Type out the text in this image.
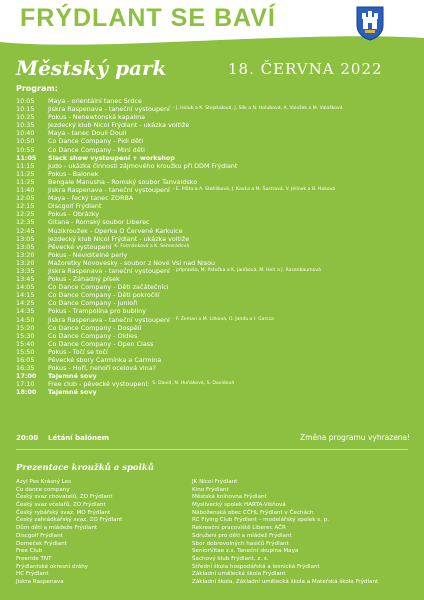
FRÝDLANT SE BAVÍ
Městský park	18. ČERVNA 2022
Program:
10:05	Maya - orientální tanec Srdce
10:15	Jiskra Raspenava - taneční vystoupení - J. Holub a K. Stejskalová, J. Slik a N. Holubová, A. Valošek a M. Valošková
10:25	Pokus - Nenewtonská kapalina
10:35	Jezdecký klub Nicol Frýdlant - ukázka voltiže
10:40	Maya - tanec Douli Douli
10:50	Co Dance Company - Pidi děti
10:55	Co Dance Company - Mini děti
11:05	Slack show vystoupení + workshop
11:15	Judo - ukázka činnosti zájmového kroužku při DDM Frýdlant
11:25	Pokus - Balonek
11:25	Bengale Manusha - Romský soubor Tanvaldsko
11:40	Jiskra Raspenava - taneční vystoupení - E. Plůta a A. Stehlíková, J. Kavka a M. Šustrová, V. Jelínek a B. Hoková
12:05	Maya - řecký tanec ZORBA
12:15	Discgolf Frýdlant
12:25	Pokus - Obrázky
12:35	Gitana - Romský soubor Liberec
12:45	Muzikroužek - Operka O Červené Karkulce
13:05	Jezdecký klub Nicol Frýdlant - ukázka voltiže
13:05	Pěvecké vystoupení K. Formánková a K. Semerádová
13:20	Pokus - Neviditelné perly
13:20	Mažoretky Novovesky - soubor z Nové Vsi nad Nisou
13:35	Jiskra Raspenava - taneční vystoupení - přípravka, M. Patočka a K. Janíková, M. Holr a J. Rosenbaumová
13:45	Pokus - Záhadný písek
14:05	Co Dance Company - Děti začátečníci
14:15	Co Dance Company - Děti pokročilí
14:25	Co Dance Company - Junioři
14:35	Pokus - Trampolína pro bubliny
14:50	Jiskra Raspenava - taneční vystoupení - F. Zeman a M. Litková, O. Janda a I. Garcza
15:20	Co Dance Company - Dospělí
15:30	Co Dance Company - Oldies
15:40	Co Dance Company - Open Class
15:50	Pokus - Točí se točí
16:05	Pěvecké sbory Carmínka a Carmina
16:35	Pokus - Hoří, nehoří ocelová vlna?
17:00	Tajemné sovy
17:10	Free club - pěvecké vystoupení: S. David, N. Huňáková, S. Davidová
18:00	Tajemné sovy
20:00	Létání balónem	Změna programu vyhrazena!
Prezentace kroužků a spolků
Azyl Pes Krásný Les
Co dance company
Český svaz chovatelů, ZO Frýdlant
Český svaz včelařů, ZO Frýdlant
Český rybářský svaz, MO Frýdlant
Český zahrádkářský svaz, ZO Frýdlant
Dům dětí a mládeže Frýdlant
Discgolf Frýdlant
Domeček Frýdlant
Free Club
Freeride TNT
Frýdlantské okresní dráhy
HC Frýdlant
Jiskra Raspenava
JK Nicol Frýdlant
Kino Frýdlant
Městská knihovna Frýdlant
Myslivecký spolek HARTA-Višňová
Náboženská obec CČHL Frýdlant v Čechách
RC Flying Club Frýdlant – modelářský spolek s. p.
Rekreační pracoviště Liberec AČR
Sdružení pro děti a mládež Frýdlant
Sbor dobrovolných hasičů Frýdlant
SeniorVitae z.s. Taneční skupina Maya
Šachový klub Frýdlant, z. s.
Střední škola hospodářská a lesnická Frýdlant
Základní umělecká škola Frýdlant
Základní škola, Základní umělecká škola a Mateřská škola Frýdlant
